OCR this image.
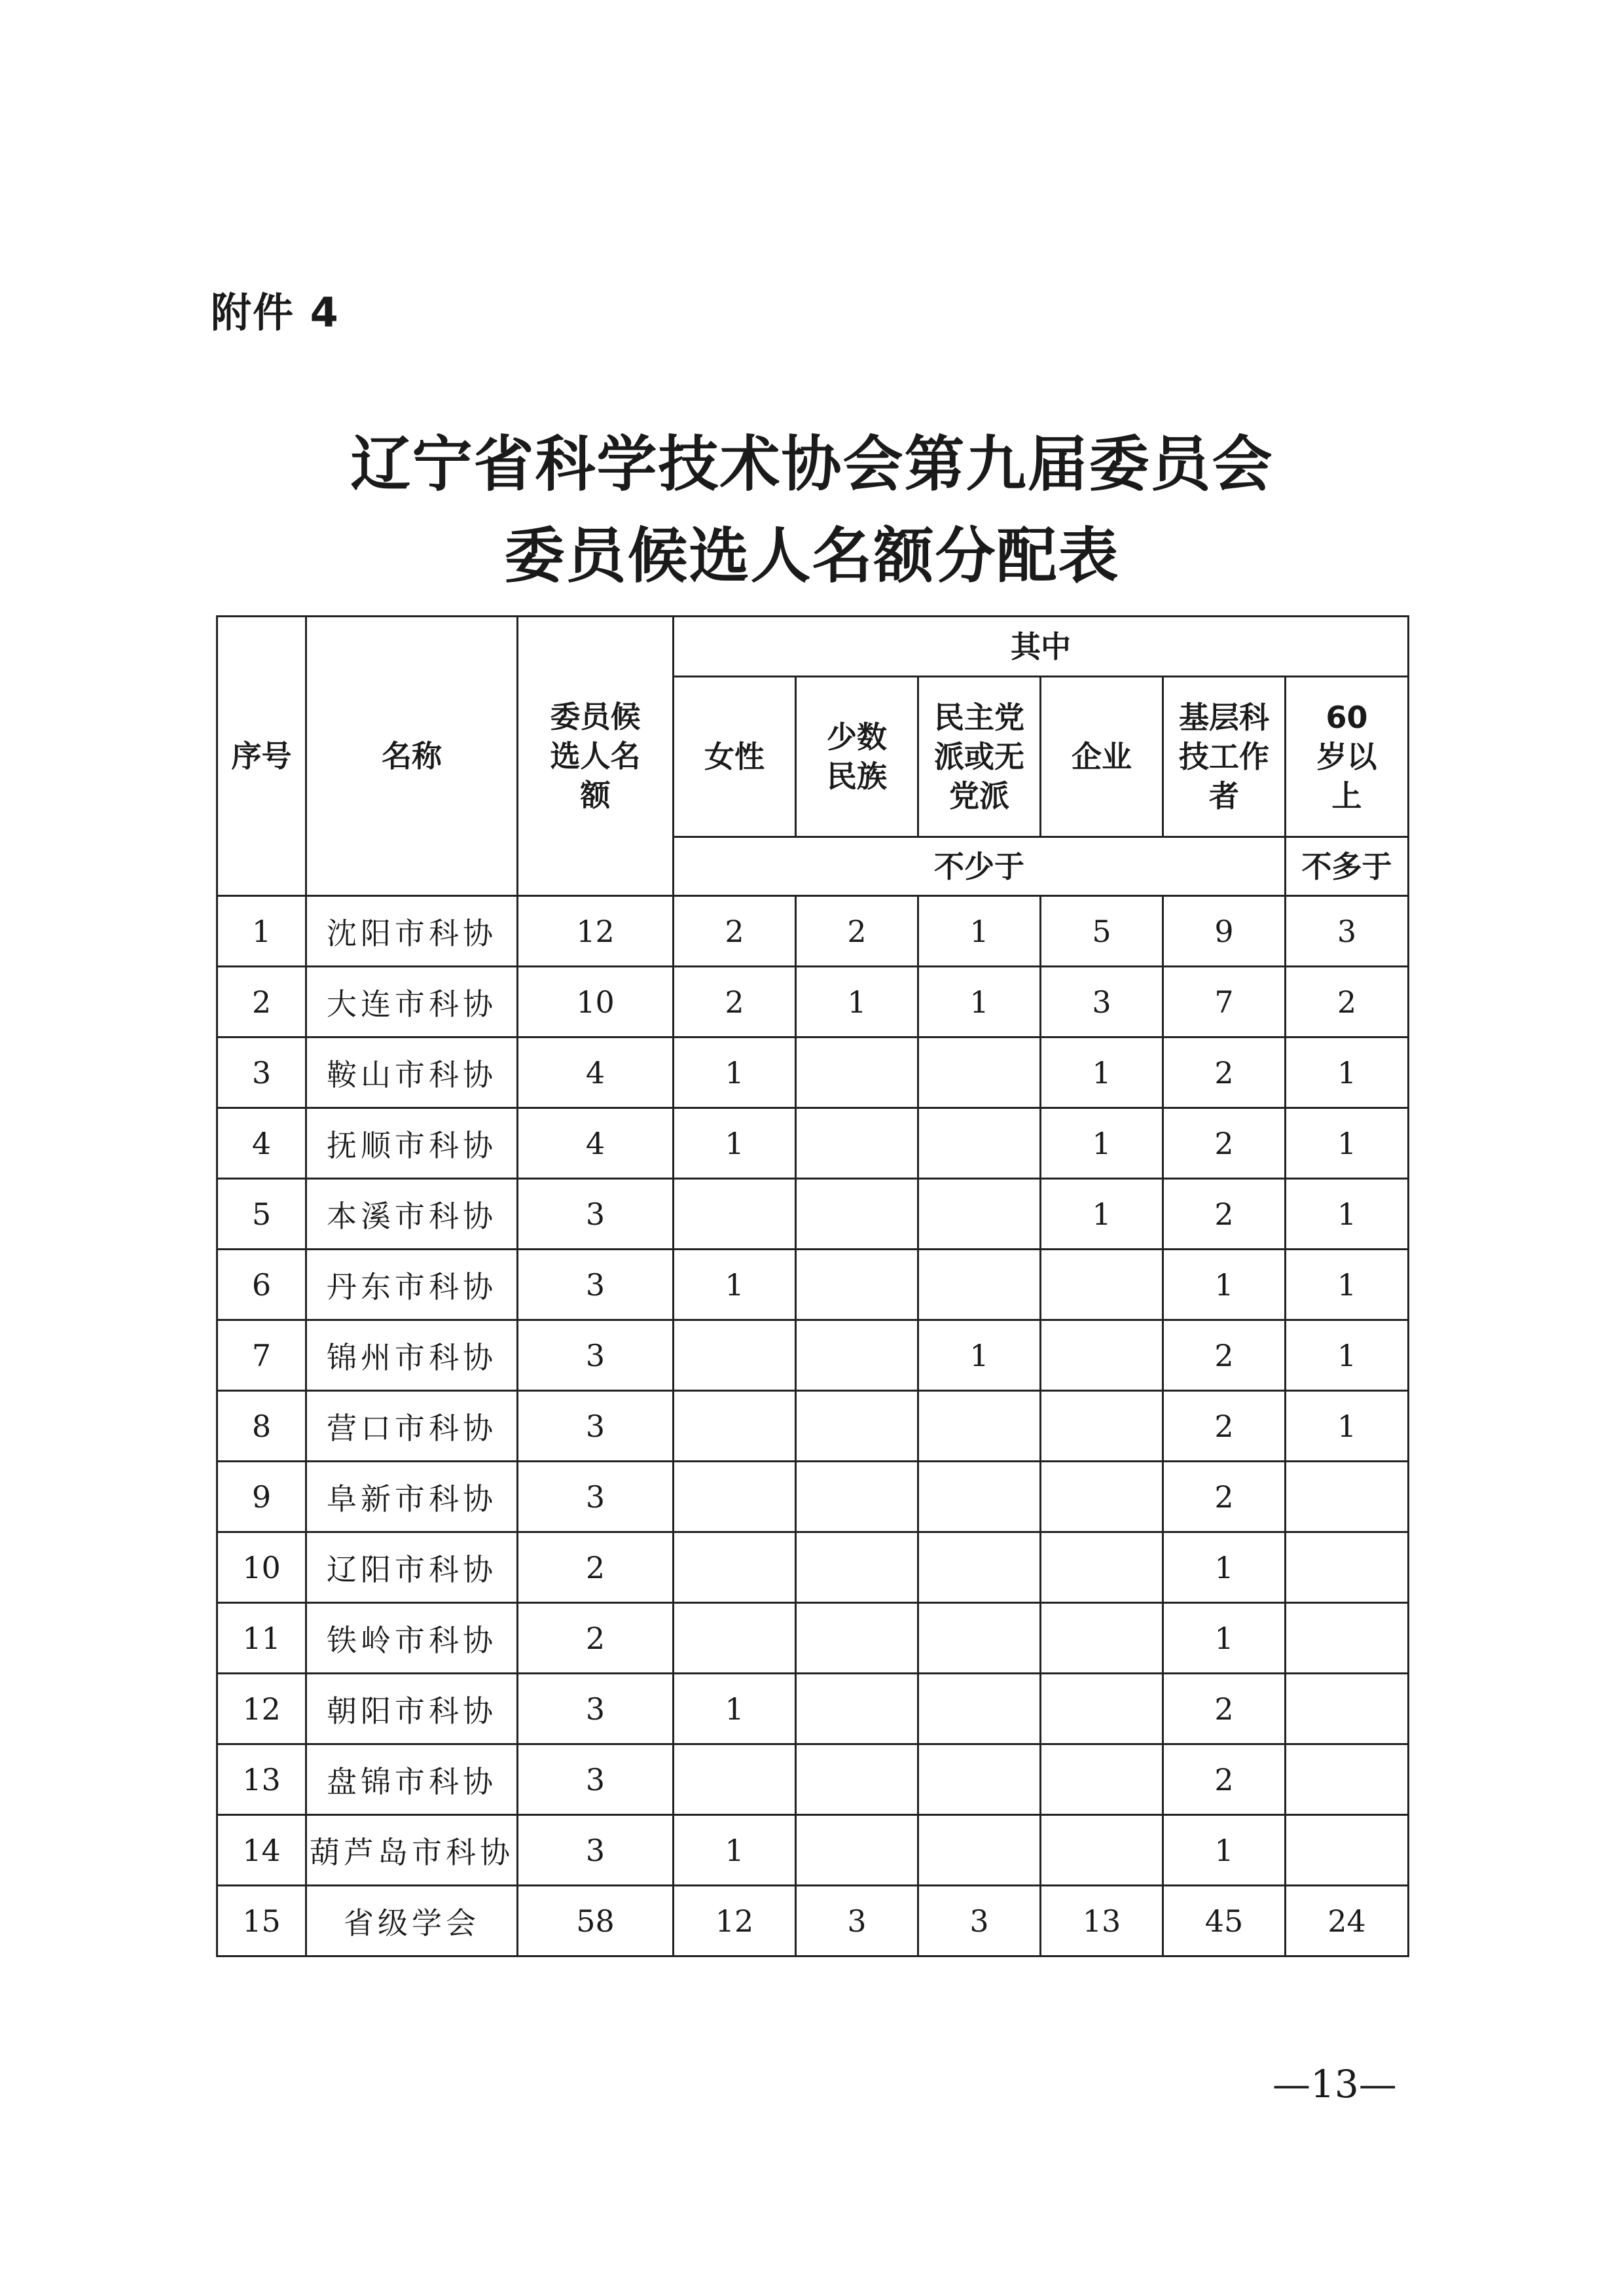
附件 4
辽宁省科学技术协会第九届委员会
委员候选人名额分配表
序号	名称	委员候选人名额	其中					
			女性	少数民族	民主党派或无党派	企业	基层科技工作者	60 岁以上

			不少于					不多于
1	沈阳市科协	12	2	2	1	5	9	3
2	大连市科协	10	2	1	1	3	7	2
3	鞍山市科协	4	1			1	2	1
4	抚顺市科协	4	1			1	2	1
5	本溪市科协	3				1	2	1
6	丹东市科协	3	1				1	1
7	锦州市科协	3			1		2	1
8	营口市科协	3					2	1
9	阜新市科协	3					2	
10	辽阳市科协	2					1	
11	铁岭市科协	2					1	
12	朝阳市科协	3	1				2	
13	盘锦市科协	3					2	
14	葫芦岛市科协	3	1				1	
15	省级学会	58	12	3	3	13	45	24
—13—
